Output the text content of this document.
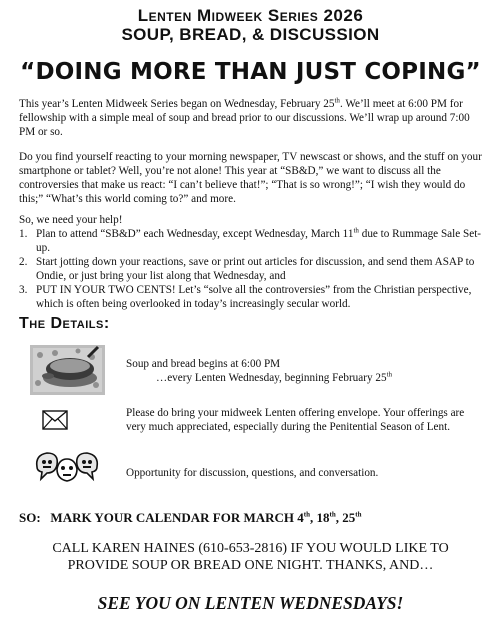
Lenten Midweek Series 2026
SOUP, BREAD, & DISCUSSION
“DOING MORE THAN JUST COPING”
This year’s Lenten Midweek Series began on Wednesday, February 25th. We’ll meet at 6:00 PM for fellowship with a simple meal of soup and bread prior to our discussions. We’ll wrap up around 7:00 PM or so.
Do you find yourself reacting to your morning newspaper, TV newscast or shows, and the stuff on your smartphone or tablet? Well, you’re not alone! This year at “SB&D,” we want to discuss all the controversies that make us react: “I can’t believe that!”; “That is so wrong!”; “I wish they would do this;” “What’s this world coming to?” and more.
So, we need your help!
1. Plan to attend “SB&D” each Wednesday, except Wednesday, March 11th due to Rummage Sale Set-up.
2. Start jotting down your reactions, save or print out articles for discussion, and send them ASAP to Ondie, or just bring your list along that Wednesday, and
3. PUT IN YOUR TWO CENTS! Let’s “solve all the controversies” from the Christian perspective, which is often being overlooked in today’s increasingly secular world.
The Details:
Soup and bread begins at 6:00 PM
…every Lenten Wednesday, beginning February 25th
Please do bring your midweek Lenten offering envelope. Your offerings are very much appreciated, especially during the Penitential Season of Lent.
Opportunity for discussion, questions, and conversation.
SO: MARK YOUR CALENDAR FOR MARCH 4th, 18th, 25th
CALL KAREN HAINES (610-653-2816) IF YOU WOULD LIKE TO
PROVIDE SOUP OR BREAD ONE NIGHT. THANKS, AND…
SEE YOU ON LENTEN WEDNESDAYS!
